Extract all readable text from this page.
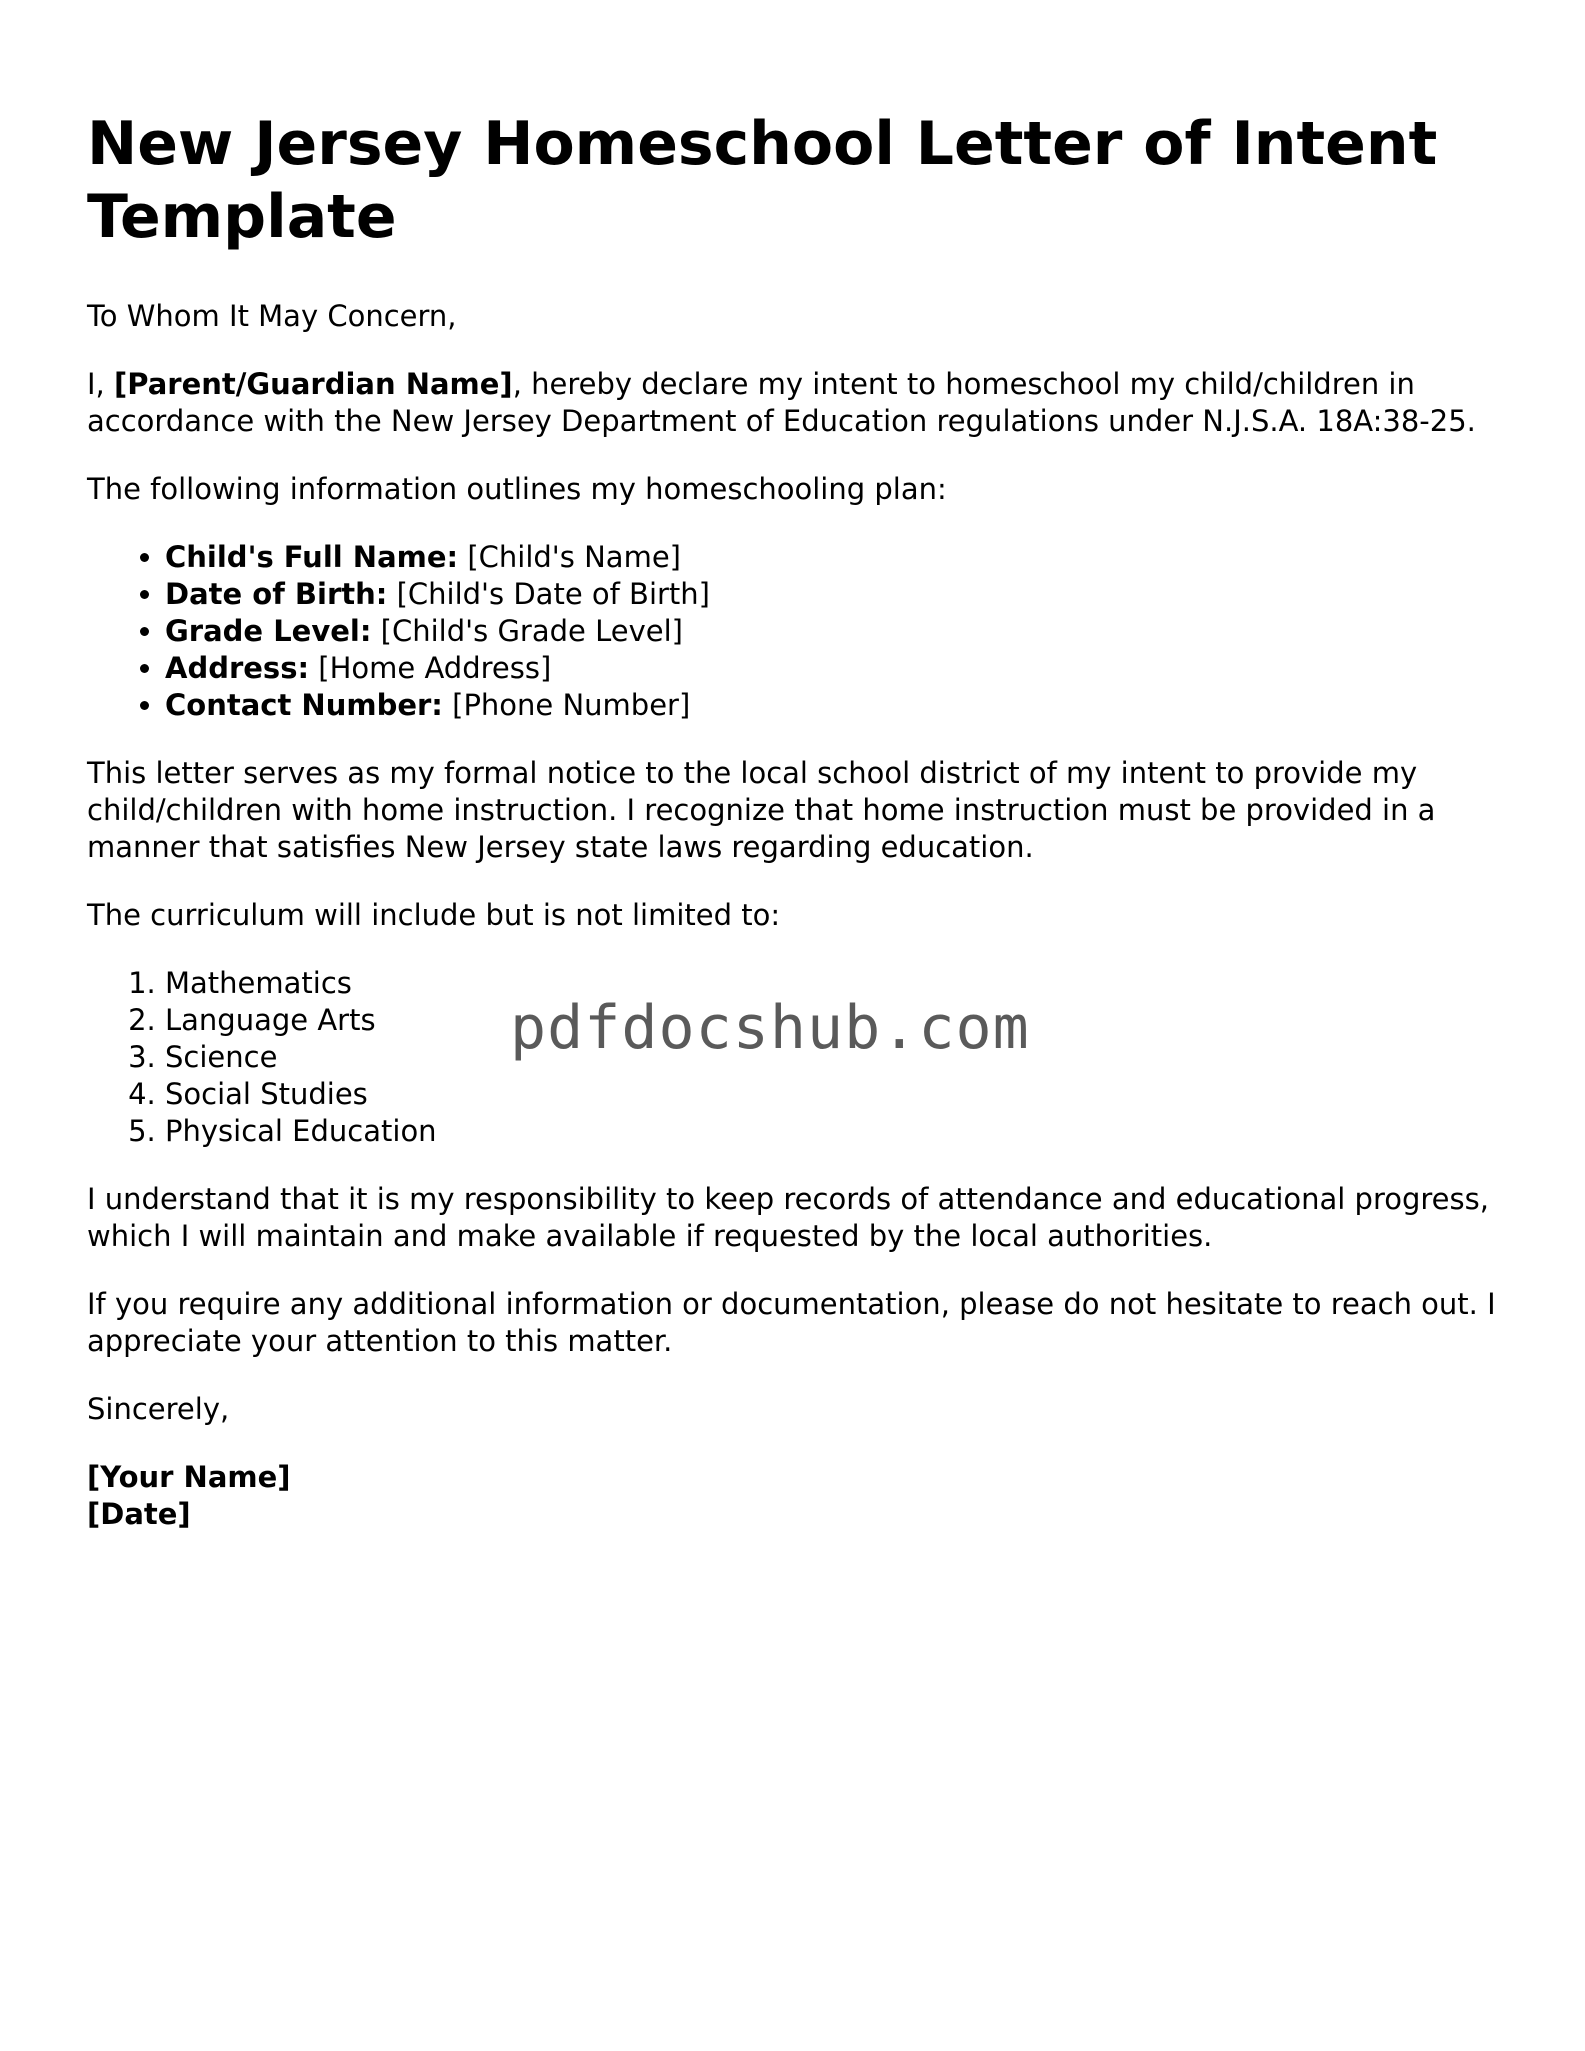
New Jersey Homeschool Letter of Intent Template

To Whom It May Concern,

I, [Parent/Guardian Name], hereby declare my intent to homeschool my child/children in accordance with the New Jersey Department of Education regulations under N.J.S.A. 18A:38-25.

The following information outlines my homeschooling plan:

• Child's Full Name: [Child's Name]
• Date of Birth: [Child's Date of Birth]
• Grade Level: [Child's Grade Level]
• Address: [Home Address]
• Contact Number: [Phone Number]

This letter serves as my formal notice to the local school district of my intent to provide my child/children with home instruction. I recognize that home instruction must be provided in a manner that satisfies New Jersey state laws regarding education.

The curriculum will include but is not limited to:

1. Mathematics
2. Language Arts
3. Science
4. Social Studies
5. Physical Education

I understand that it is my responsibility to keep records of attendance and educational progress, which I will maintain and make available if requested by the local authorities.

If you require any additional information or documentation, please do not hesitate to reach out. I appreciate your attention to this matter.

Sincerely,

[Your Name]
[Date]

pdfdocshub.com
